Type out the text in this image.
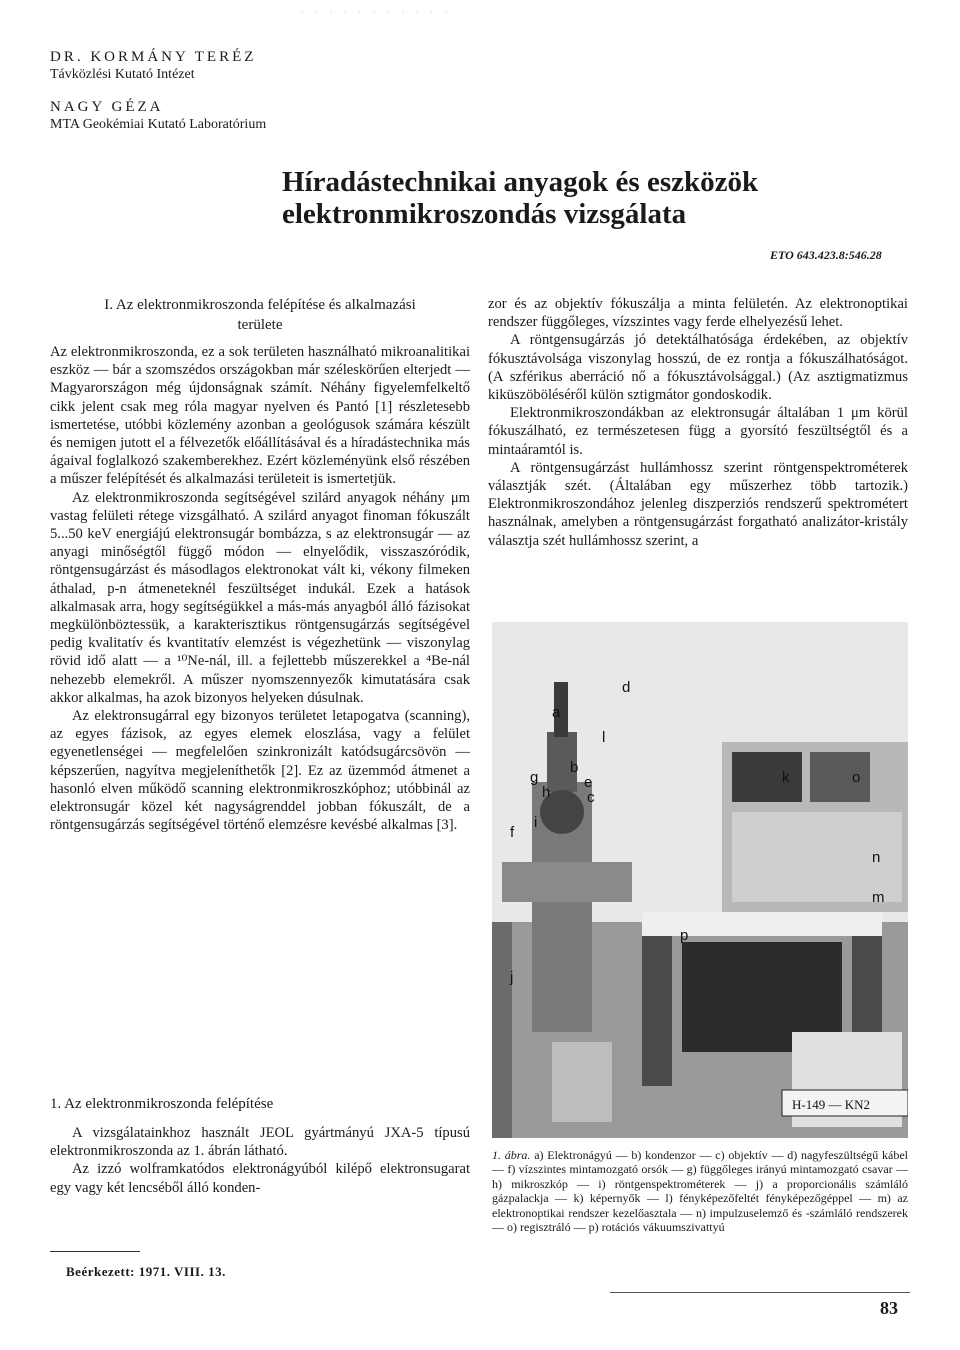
· · · · · · · · · · ·
DR. KORMÁNY TERÉZ
Távközlési Kutató Intézet
NAGY GÉZA
MTA Geokémiai Kutató Laboratórium
Híradástechnikai anyagok és eszközök
elektronmikroszondás vizsgálata
ETO 643.423.8:546.28
I. Az elektronmikroszonda felépítése és alkalmazási
területe

Az elektronmikroszonda, ez a sok területen használható mikroanalitikai eszköz — bár a szomszédos országokban már széleskörűen elterjedt — Magyarországon még újdonságnak számít. Néhány figyelemfelkeltő cikk jelent csak meg róla magyar nyelven és Pantó [1] részletesebb ismertetése, utóbbi közlemény azonban a geológusok számára készült és nemigen jutott el a félvezetők előállításával és a híradástechnika más ágaival foglalkozó szakemberekhez. Ezért közleményünk első részében a műszer felépítését és alkalmazási területeit is ismertetjük.

Az elektronmikroszonda segítségével szilárd anyagok néhány μm vastag felületi rétege vizsgálható. A szilárd anyagot finoman fókuszált 5...50 keV energiájú elektronsugár bombázza, s az elektronsugár — az anyagi minőségtől függő módon — elnyelődik, visszaszóródik, röntgensugárzást és másodlagos elektronokat vált ki, vékony filmeken áthalad, p-n átmeneteknél feszültséget indukál. Ezek a hatások alkalmasak arra, hogy segítségükkel a más-más anyagból álló fázisokat megkülönböztessük, a karakterisztikus röntgensugárzás segítségével pedig kvalitatív és kvantitatív elemzést is végezhetünk — viszonylag rövid idő alatt — a ¹⁰Ne-nál, ill. a fejlettebb műszerekkel a ⁴Be-nál nehezebb elemekről. A műszer nyomszennyezők kimutatására csak akkor alkalmas, ha azok bizonyos helyeken dúsulnak.

Az elektronsugárral egy bizonyos területet letapogatva (scanning), az egyes fázisok, az egyes elemek eloszlása, vagy a felület egyenetlenségei — megfelelően szinkronizált katódsugárcsövön — képszerűen, nagyítva megjeleníthetők [2]. Ez az üzemmód átmenet a hasonló elven működő scanning elektronmikroszkóphoz; utóbbinál az elektronsugár közel két nagyságrenddel jobban fókuszált, de a röntgensugárzás segítségével történő elemzésre kevésbé alkalmas [3].

1. Az elektronmikroszonda felépítése

A vizsgálatainkhoz használt JEOL gyártmányú JXA-5 típusú elektronmikroszonda az 1. ábrán látható.

Az izzó wolframkatódos elektronágyúból kilépő elektronsugarat egy vagy két lencséből álló konden-

Beérkezett: 1971. VIII. 13.

zor és az objektív fókuszálja a minta felületén. Az elektronoptikai rendszer függőleges, vízszintes vagy ferde elhelyezésű lehet.

A röntgensugárzás jó detektálhatósága érdekében, az objektív fókusztávolsága viszonylag hosszú, de ez rontja a fókuszálhatóságot. (A szférikus aberráció nő a fókusztávolsággal.) (Az asztigmatizmus kiküszöböléséről külön sztigmátor gondoskodik.

Elektronmikroszondákban az elektronsugár általában 1 μm körül fókuszálható, ez természetesen függ a gyorsító feszültségtől és a mintaáramtól is.

A röntgensugárzást hullámhossz szerint röntgenspektrométerek választják szét. (Általában egy műszerhez több tartozik.) Elektronmikroszondához jelenleg diszperziós rendszerű spektrométert használnak, amelyben a röntgensugárzást forgatható analizátor-kristály választja szét hullámhossz szerint, a

H-149 — KN2
a
b
c
d
e
f
g
h
i
j
k
l
m
n
o
p
1. ábra. a) Elektronágyú — b) kondenzor — c) objektív — d) nagyfeszültségű kábel — f) vízszintes mintamozgató orsók — g) függőleges irányú mintamozgató csavar — h) mikroszkóp — i) röntgenspektrométerek — j) a proporcionális számláló gázpalackja — k) képernyők — l) fényképezőfeltét fényképezőgéppel — m) az elektronoptikai rendszer kezelőasztala — n) impulzuselemző és -számláló rendszerek — o) regisztráló — p) rotációs vákuumszivattyú
83
